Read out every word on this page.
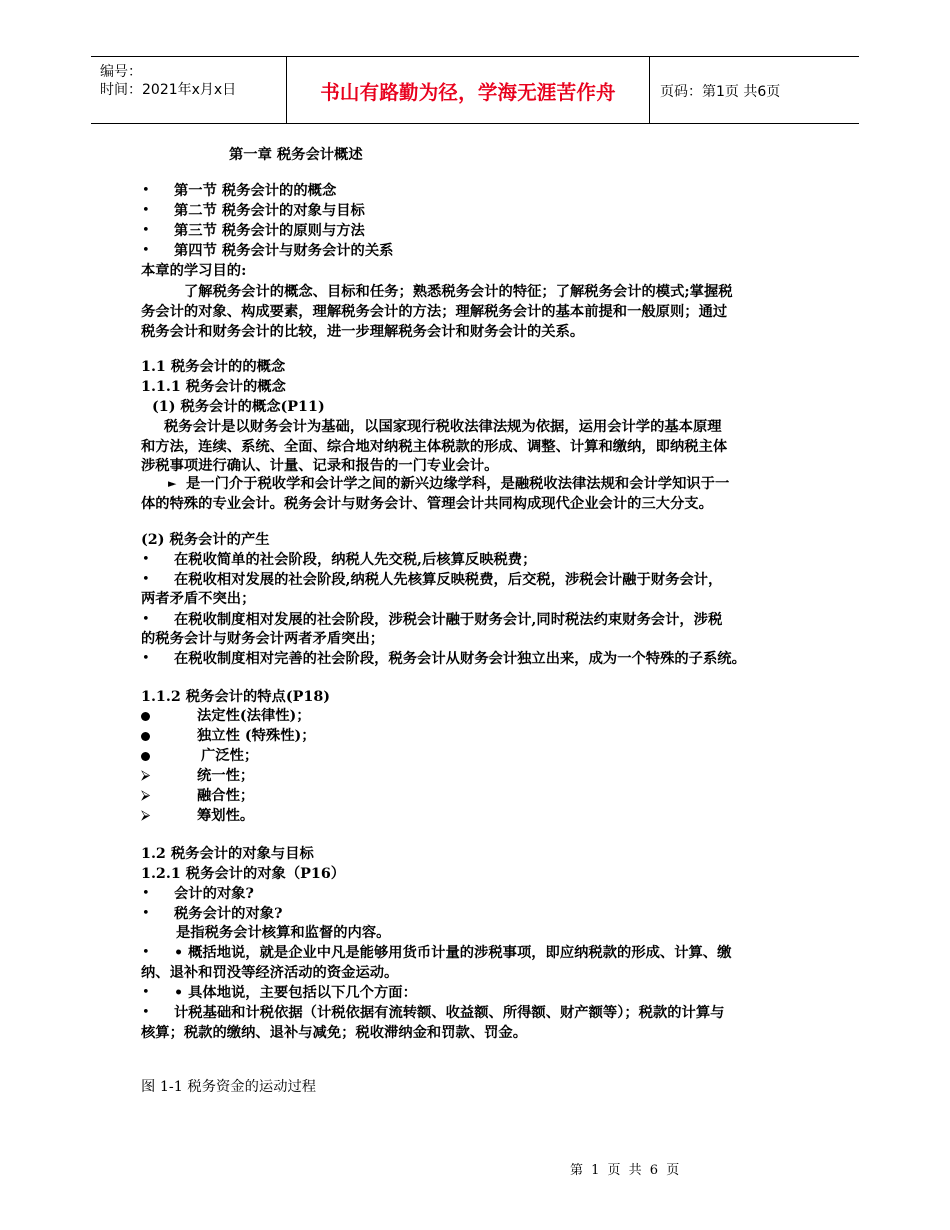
编号：
时间：2021年x月x日	书山有路勤为径，学海无涯苦作舟	页码：第1页 共6页
第一章 税务会计概述
• 第一节 税务会计的的概念
• 第二节 税务会计的对象与目标
• 第三节 税务会计的原则与方法
• 第四节 税务会计与财务会计的关系
本章的学习目的:
了解税务会计的概念、目标和任务；熟悉税务会计的特征；了解税务会计的模式;掌握税
务会计的对象、构成要素，理解税务会计的方法；理解税务会计的基本前提和一般原则；通过
税务会计和财务会计的比较，进一步理解税务会计和财务会计的关系。
1.1 税务会计的的概念
1.1.1 税务会计的概念
(1) 税务会计的概念(P11)
税务会计是以财务会计为基础，以国家现行税收法律法规为依据，运用会计学的基本原理
和方法，连续、系统、全面、综合地对纳税主体税款的形成、调整、计算和缴纳，即纳税主体
涉税事项进行确认、计量、记录和报告的一门专业会计。
► 是一门介于税收学和会计学之间的新兴边缘学科，是融税收法律法规和会计学知识于一
体的特殊的专业会计。税务会计与财务会计、管理会计共同构成现代企业会计的三大分支。
(2) 税务会计的产生
• 在税收简单的社会阶段，纳税人先交税,后核算反映税费；
• 在税收相对发展的社会阶段,纳税人先核算反映税费，后交税，涉税会计融于财务会计，
两者矛盾不突出；
• 在税收制度相对发展的社会阶段，涉税会计融于财务会计,同时税法约束财务会计，涉税
的税务会计与财务会计两者矛盾突出；
• 在税收制度相对完善的社会阶段，税务会计从财务会计独立出来，成为一个特殊的子系统。
1.1.2 税务会计的特点(P18)
法定性(法律性)；
独立性 (特殊性)；
广泛性；
⮚	统一性；
⮚	融合性；
⮚	筹划性。
1.2 税务会计的对象与目标
1.2.1 税务会计的对象（P16）
• 会计的对象?
• 税务会计的对象?
是指税务会计核算和监督的内容。
• • 概括地说，就是企业中凡是能够用货币计量的涉税事项，即应纳税款的形成、计算、缴
纳、退补和罚没等经济活动的资金运动。
• • 具体地说，主要包括以下几个方面：
• 计税基础和计税依据（计税依据有流转额、收益额、所得额、财产额等）；税款的计算与
核算；税款的缴纳、退补与减免；税收滞纳金和罚款、罚金。
图 1-1 税务资金的运动过程
第 1 页 共 6 页
